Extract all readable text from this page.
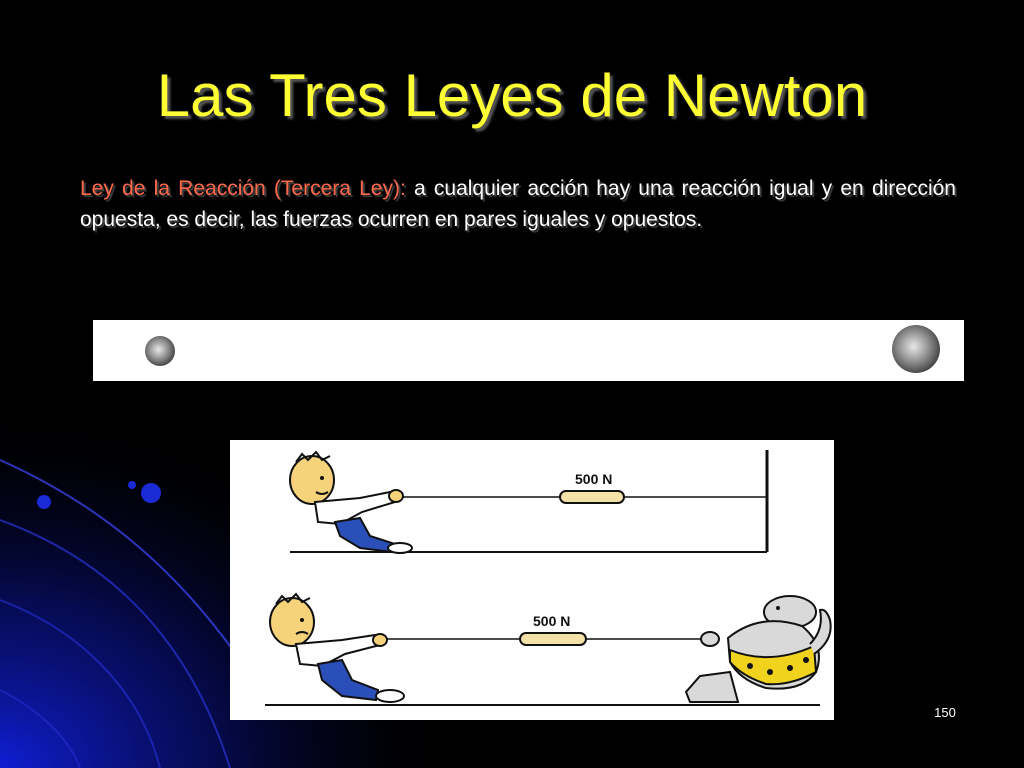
Las Tres Leyes de Newton
Ley de la Reacción (Tercera Ley): a cualquier acción hay una reacción igual y en dirección opuesta, es decir, las fuerzas ocurren en pares iguales y opuestos.
500 N
500 N
150
